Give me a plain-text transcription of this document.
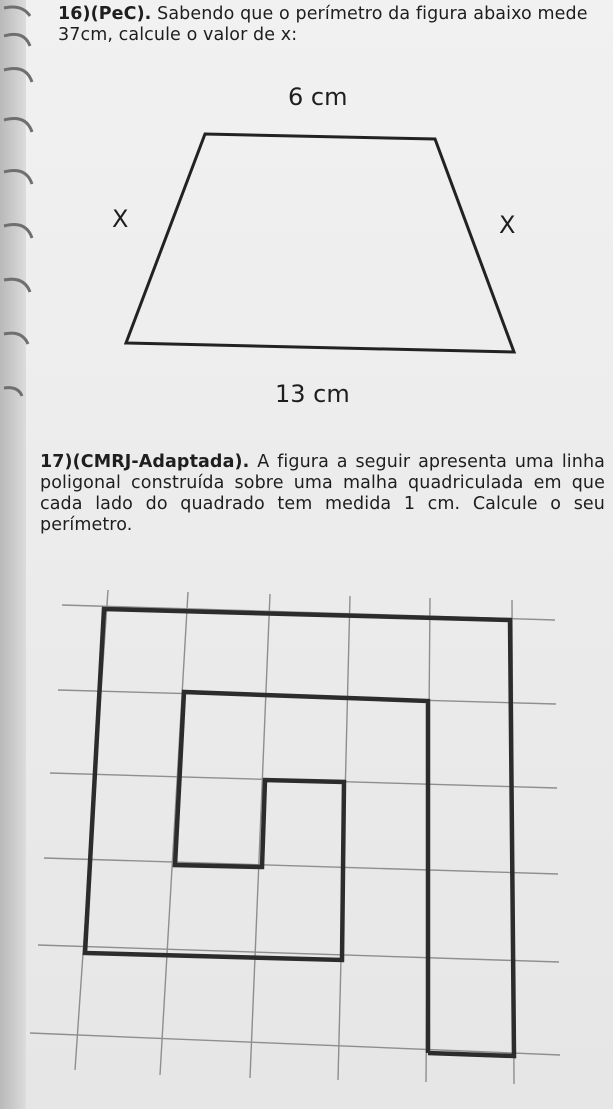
16)(PeC). Sabendo que o perímetro da figura abaixo mede 37cm, calcule o valor de x:

6 cm
X	X
13 cm

17)(CMRJ-Adaptada). A figura a seguir apresenta uma linha poligonal construída sobre uma malha quadriculada em que cada lado do quadrado tem medida 1 cm. Calcule o seu perímetro.
